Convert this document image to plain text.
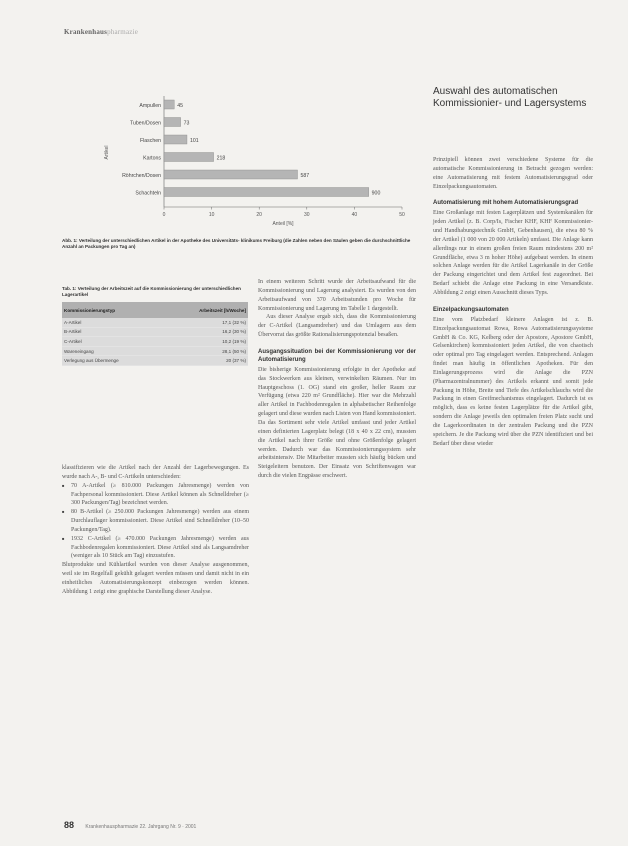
Krankenhauspharmazie
Ampullen	45
Tuben/Dosen	73
Flaschen	101
Kartons	218
Röhrchen/Dosen	587
Schachteln	900
0	10	20	30	40	50
Anteil [%]
Artikel
Abb. 1: Verteilung der unterschiedlichen Artikel in der Apotheke des Universitäts- klinikums Freiburg (die Zahlen neben den Säulen geben die durchschnittliche Anzahl an Packungen pro Tag an)
Tab. 1: Verteilung der Arbeitszeit auf die Kommissionierung der unterschiedlichen Lagerartikel
Kommissionierungstyp	Arbeitszeit [h/Woche]
A-Artikel	17,1 (32 %)
B-Artikel	16,2 (30 %)
C-Artikel	10,2 (19 %)
Wareneingang	28,1 (50 %)
Verlegung aus Übermenge	20 (37 %)

klassifizieren wie die Artikel nach der Anzahl der Lagerbewegungen. Es wurde nach A-, B- und C-Artikeln unterschieden:

■ 70 A-Artikel (≥ 810.000 Packungen Jahresmenge) werden von Fachpersonal kommissioniert. Diese Artikel können als Schnelldreher (≥ 300 Packungen/Tag) bezeichnet werden.
■ 80 B-Artikel (≥ 250.000 Packungen Jahresmenge) werden aus einem Durchlauflager kommissioniert. Diese Artikel sind Schnelldreher (10–50 Packungen/Tag).
■ 1932 C-Artikel (≥ 470.000 Packungen Jahresmenge) werden aus Fachbodenregalen kommissioniert. Diese Artikel sind als Langsamdreher (weniger als 10 Stück am Tag) einzustufen.

Blutprodukte und Kühlartikel wurden von dieser Analyse ausgenommen, weil sie im Regelfall gekühlt gelagert werden müssen und damit nicht in ein einheitliches Automatisierungskonzept einbezogen werden können. Abbildung 1 zeigt eine graphische Darstellung dieser Analyse.

In einem weiteren Schritt wurde der Arbeitsaufwand für die Kommissionierung und Lagerung analysiert. Es wurden von den Arbeitsaufwand von 370 Arbeitsstunden pro Woche für Kommissionierung und Lagerung im Tabelle 1 dargestellt.

Aus dieser Analyse ergab sich, dass die Kommissionierung der C-Artikel (Langsamdreher) und das Umlagern aus dem Übervorrat das größte Rationalisierungspotenzial besaßen.

Ausgangssituation bei der Kommissionierung vor der Automatisierung

Die bisherige Kommissionierung erfolgte in der Apotheke auf das Stockwerken aus kleinen, verwinkelten Räumen. Nur im Hauptgeschoss (1. OG) stand ein großer, heller Raum zur Verfügung (etwa 220 m² Grundfläche). Hier war die Mehrzahl aller Artikel in Fachbodenregalen in alphabetischer Reihenfolge gelagert und diese wurden nach Listen von Hand kommissioniert. Da das Sortiment sehr viele Artikel umfasst und jeder Artikel einen definierten Lagerplatz belegt (18 x 40 x 22 cm), mussten die Artikel nach ihrer Größe und ohne Größenfolge gelagert werden. Dadurch war das Kommissionierungssystem sehr arbeitsintensiv. Die Mitarbeiter mussten sich häufig bücken und Steigeleitern benutzen. Der Einsatz von Schriftenwagen war durch die vielen Engpässe erschwert.

Auswahl des automatischen Kommissionier- und Lagersystems

Prinzipiell können zwei verschiedene Systeme für die automatische Kommissionierung in Betracht gezogen werden: eine Automatisierung mit festem Automatisierungsgrad oder Einzelpackungsautomaten.

Automatisierung mit hohem Automatisierungsgrad

Eine Großanlage mit festen Lagerplätzen und Systemkanälen für jeden Artikel (z. B. Corp/Is, Fischer KHF, KHF Kommissionier- und Handhabungstechnik GmbH, Gebenhausen), die etwa 80 % der Artikel (1 000 von 20 000 Artikeln) umfasst. Die Anlage kann allerdings nur in einem großen freien Raum mindestens 200 m² Grundfläche, etwa 3 m hoher Höhe) aufgebaut werden. In einem solchen Anlage werden für die Artikel Lagerkanäle in der Größe der Packung eingerichtet und dem Artikel fest zugeordnet. Bei Bedarf schiebt die Anlage eine Packung in eine Versandkiste. Abbildung 2 zeigt einen Ausschnitt dieses Typs.

Einzelpackungsautomaten

Eine vom Platzbedarf kleinere Anlagen ist z. B. Einzelpackungsautomat Rowa, Rowa Automatisierungssysteme GmbH & Co. KG, Kelberg oder der Apostore, Apostore GmbH, Gelsenkirchen) kommissioniert jeden Artikel, die von chaotisch oder optimal pro Tag eingelagert werden. Entsprechend. Anlagen findet man häufig in öffentlichen Apotheken. Für den Einlagerungsprozess wird die Anlage die PZN (Pharmazentralnummer) des Artikels erkannt und somit jede Packung in Höhe, Breite und Tiefe des Artikelschlauchs wird die Packung in einen Greifmechanismus eingelagert. Dadurch ist es möglich, dass es keine festen Lagerplätze für die Artikel gibt, sondern die Anlage jeweils den optimalen freien Platz sucht und die Lagerkoordinaten in der zentralen Packung und die PZN speichern. Je die Packung wird über die PZN identifiziert und bei Bedarf über diese wieder

88 Krankenhauspharmazie 22. Jahrgang Nr. 9 · 2001
